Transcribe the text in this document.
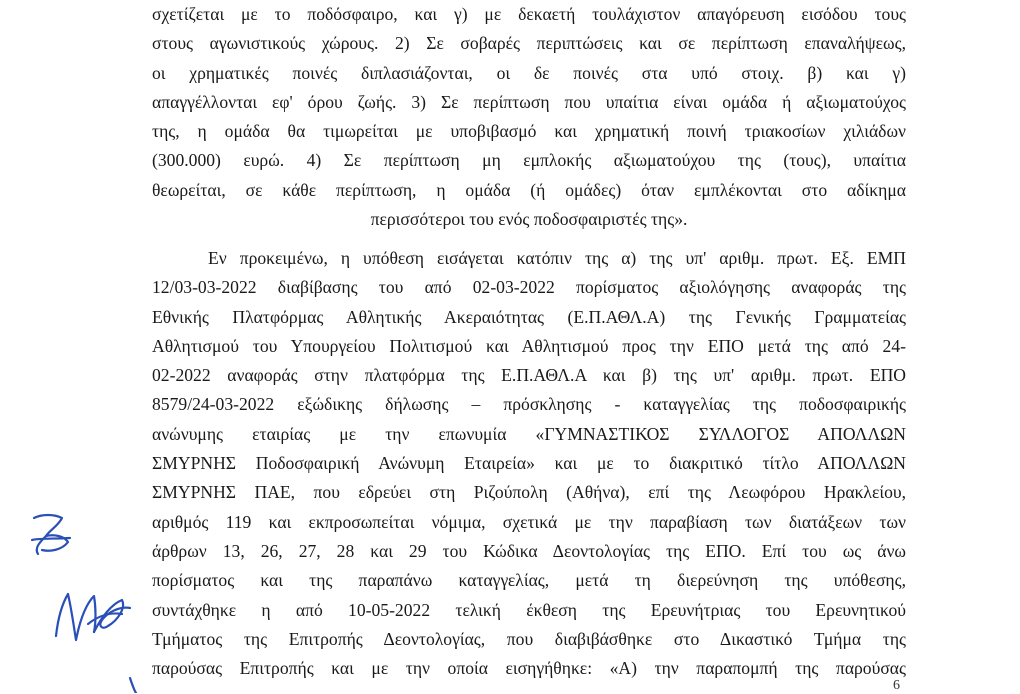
σχετίζεται με το ποδόσφαιρο, και γ) με δεκαετή τουλάχιστον απαγόρευση εισόδου τους
στους αγωνιστικούς χώρους. 2) Σε σοβαρές περιπτώσεις και σε περίπτωση επαναλήψεως,
οι χρηματικές ποινές διπλασιάζονται, οι δε ποινές στα υπό στοιχ. β) και γ)
απαγγέλλονται εφ' όρου ζωής. 3) Σε περίπτωση που υπαίτια είναι ομάδα ή αξιωματούχος
της, η ομάδα θα τιμωρείται με υποβιβασμό και χρηματική ποινή τριακοσίων χιλιάδων
(300.000) ευρώ. 4) Σε περίπτωση μη εμπλοκής αξιωματούχου της (τους), υπαίτια
θεωρείται, σε κάθε περίπτωση, η ομάδα (ή ομάδες) όταν εμπλέκονται στο αδίκημα
περισσότεροι του ενός ποδοσφαιριστές της».
Εν προκειμένω, η υπόθεση εισάγεται κατόπιν της α) της υπ' αριθμ. πρωτ. Εξ. ΕΜΠ
12/03-03-2022 διαβίβασης του από 02-03-2022 πορίσματος αξιολόγησης αναφοράς της
Εθνικής Πλατφόρμας Αθλητικής Ακεραιότητας (Ε.Π.ΑΘΛ.Α) της Γενικής Γραμματείας
Αθλητισμού του Υπουργείου Πολιτισμού και Αθλητισμού προς την ΕΠΟ μετά της από 24-
02-2022 αναφοράς στην πλατφόρμα της Ε.Π.ΑΘΛ.Α και β) της υπ' αριθμ. πρωτ. ΕΠΟ
8579/24-03-2022 εξώδικης δήλωσης – πρόσκλησης - καταγγελίας της ποδοσφαιρικής
ανώνυμης εταιρίας με την επωνυμία «ΓΥΜΝΑΣΤΙΚΟΣ ΣΥΛΛΟΓΟΣ ΑΠΟΛΛΩΝ
ΣΜΥΡΝΗΣ Ποδοσφαιρική Ανώνυμη Εταιρεία» και με το διακριτικό τίτλο ΑΠΟΛΛΩΝ
ΣΜΥΡΝΗΣ ΠΑΕ, που εδρεύει στη Ριζούπολη (Αθήνα), επί της Λεωφόρου Ηρακλείου,
αριθμός 119 και εκπροσωπείται νόμιμα, σχετικά με την παραβίαση των διατάξεων των
άρθρων 13, 26, 27, 28 και 29 του Κώδικα Δεοντολογίας της ΕΠΟ. Επί του ως άνω
πορίσματος και της παραπάνω καταγγελίας, μετά τη διερεύνηση της υπόθεσης,
συντάχθηκε η από 10-05-2022 τελική έκθεση της Ερευνήτριας του Ερευνητικού
Τμήματος της Επιτροπής Δεοντολογίας, που διαβιβάσθηκε στο Δικαστικό Τμήμα της
παρούσας Επιτροπής και με την οποία εισηγήθηκε: «Α) την παραπομπή της παρούσας
6
